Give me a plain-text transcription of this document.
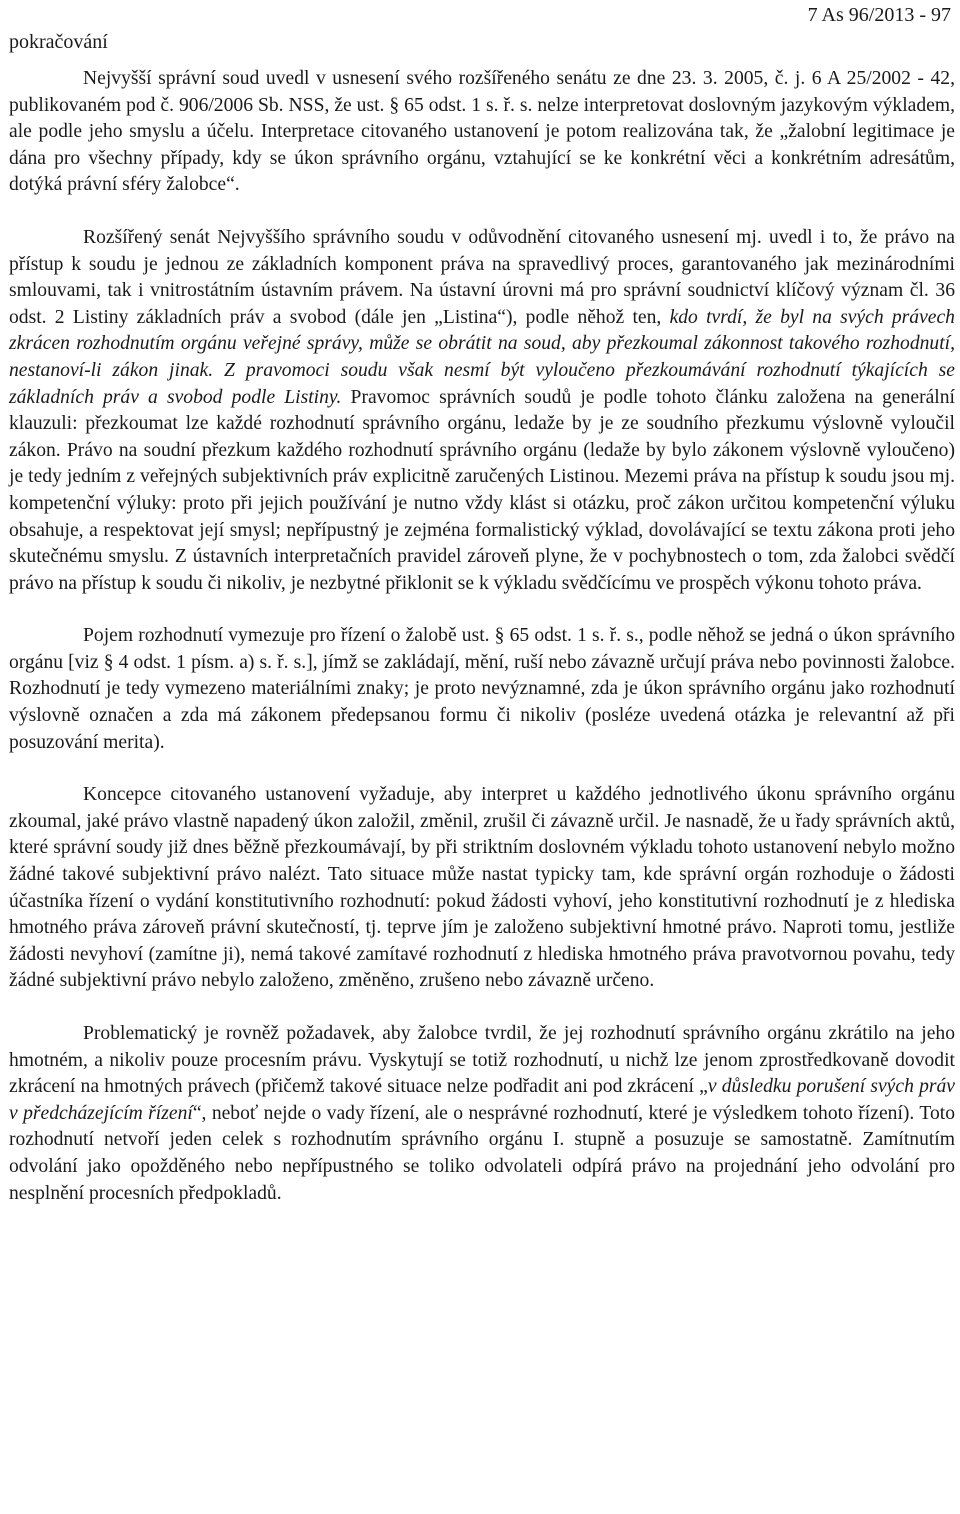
pokračování
7 As 96/2013 - 97

Nejvyšší správní soud uvedl v usnesení svého rozšířeného senátu ze dne 23. 3. 2005, č. j. 6 A 25/2002 - 42, publikovaném pod č. 906/2006 Sb. NSS, že ust. § 65 odst. 1 s. ř. s. nelze interpretovat doslovným jazykovým výkladem, ale podle jeho smyslu a účelu. Interpretace citovaného ustanovení je potom realizována tak, že „žalobní legitimace je dána pro všechny případy, kdy se úkon správního orgánu, vztahující se ke konkrétní věci a konkrétním adresátům, dotýká právní sféry žalobce“.

Rozšířený senát Nejvyššího správního soudu v odůvodnění citovaného usnesení mj. uvedl i to, že právo na přístup k soudu je jednou ze základních komponent práva na spravedlivý proces, garantovaného jak mezinárodními smlouvami, tak i vnitrostátním ústavním právem. Na ústavní úrovni má pro správní soudnictví klíčový význam čl. 36 odst. 2 Listiny základních práv a svobod (dále jen „Listina“), podle něhož ten, kdo tvrdí, že byl na svých právech zkrácen rozhodnutím orgánu veřejné správy, může se obrátit na soud, aby přezkoumal zákonnost takového rozhodnutí, nestanoví-li zákon jinak. Z pravomoci soudu však nesmí být vyloučeno přezkoumávání rozhodnutí týkajících se základních práv a svobod podle Listiny. Pravomoc správních soudů je podle tohoto článku založena na generální klauzuli: přezkoumat lze každé rozhodnutí správního orgánu, ledaže by je ze soudního přezkumu výslovně vyloučil zákon. Právo na soudní přezkum každého rozhodnutí správního orgánu (ledaže by bylo zákonem výslovně vyloučeno) je tedy jedním z veřejných subjektivních práv explicitně zaručených Listinou. Mezemi práva na přístup k soudu jsou mj. kompetenční výluky: proto při jejich používání je nutno vždy klást si otázku, proč zákon určitou kompetenční výluku obsahuje, a respektovat její smysl; nepřípustný je zejména formalistický výklad, dovolávající se textu zákona proti jeho skutečnému smyslu. Z ústavních interpretačních pravidel zároveň plyne, že v pochybnostech o tom, zda žalobci svědčí právo na přístup k soudu či nikoliv, je nezbytné přiklonit se k výkladu svědčícímu ve prospěch výkonu tohoto práva.

Pojem rozhodnutí vymezuje pro řízení o žalobě ust. § 65 odst. 1 s. ř. s., podle něhož se jedná o úkon správního orgánu [viz § 4 odst. 1 písm. a) s. ř. s.], jímž se zakládají, mění, ruší nebo závazně určují práva nebo povinnosti žalobce. Rozhodnutí je tedy vymezeno materiálními znaky; je proto nevýznamné, zda je úkon správního orgánu jako rozhodnutí výslovně označen a zda má zákonem předepsanou formu či nikoliv (posléze uvedená otázka je relevantní až při posuzování merita).

Koncepce citovaného ustanovení vyžaduje, aby interpret u každého jednotlivého úkonu správního orgánu zkoumal, jaké právo vlastně napadený úkon založil, změnil, zrušil či závazně určil. Je nasnadě, že u řady správních aktů, které správní soudy již dnes běžně přezkoumávají, by při striktním doslovném výkladu tohoto ustanovení nebylo možno žádné takové subjektivní právo nalézt. Tato situace může nastat typicky tam, kde správní orgán rozhoduje o žádosti účastníka řízení o vydání konstitutivního rozhodnutí: pokud žádosti vyhoví, jeho konstitutivní rozhodnutí je z hlediska hmotného práva zároveň právní skutečností, tj. teprve jím je založeno subjektivní hmotné právo. Naproti tomu, jestliže žádosti nevyhoví (zamítne ji), nemá takové zamítavé rozhodnutí z hlediska hmotného práva pravotvornou povahu, tedy žádné subjektivní právo nebylo založeno, změněno, zrušeno nebo závazně určeno.

Problematický je rovněž požadavek, aby žalobce tvrdil, že jej rozhodnutí správního orgánu zkrátilo na jeho hmotném, a nikoliv pouze procesním právu. Vyskytují se totiž rozhodnutí, u nichž lze jenom zprostředkovaně dovodit zkrácení na hmotných právech (přičemž takové situace nelze podřadit ani pod zkrácení „v důsledku porušení svých práv v předcházejícím řízení“, neboť nejde o vady řízení, ale o nesprávné rozhodnutí, které je výsledkem tohoto řízení). Toto rozhodnutí netvoří jeden celek s rozhodnutím správního orgánu I. stupně a posuzuje se samostatně. Zamítnutím odvolání jako opožděného nebo nepřípustného se toliko odvolateli odpírá právo na projednání jeho odvolání pro nesplnění procesních předpokladů.
